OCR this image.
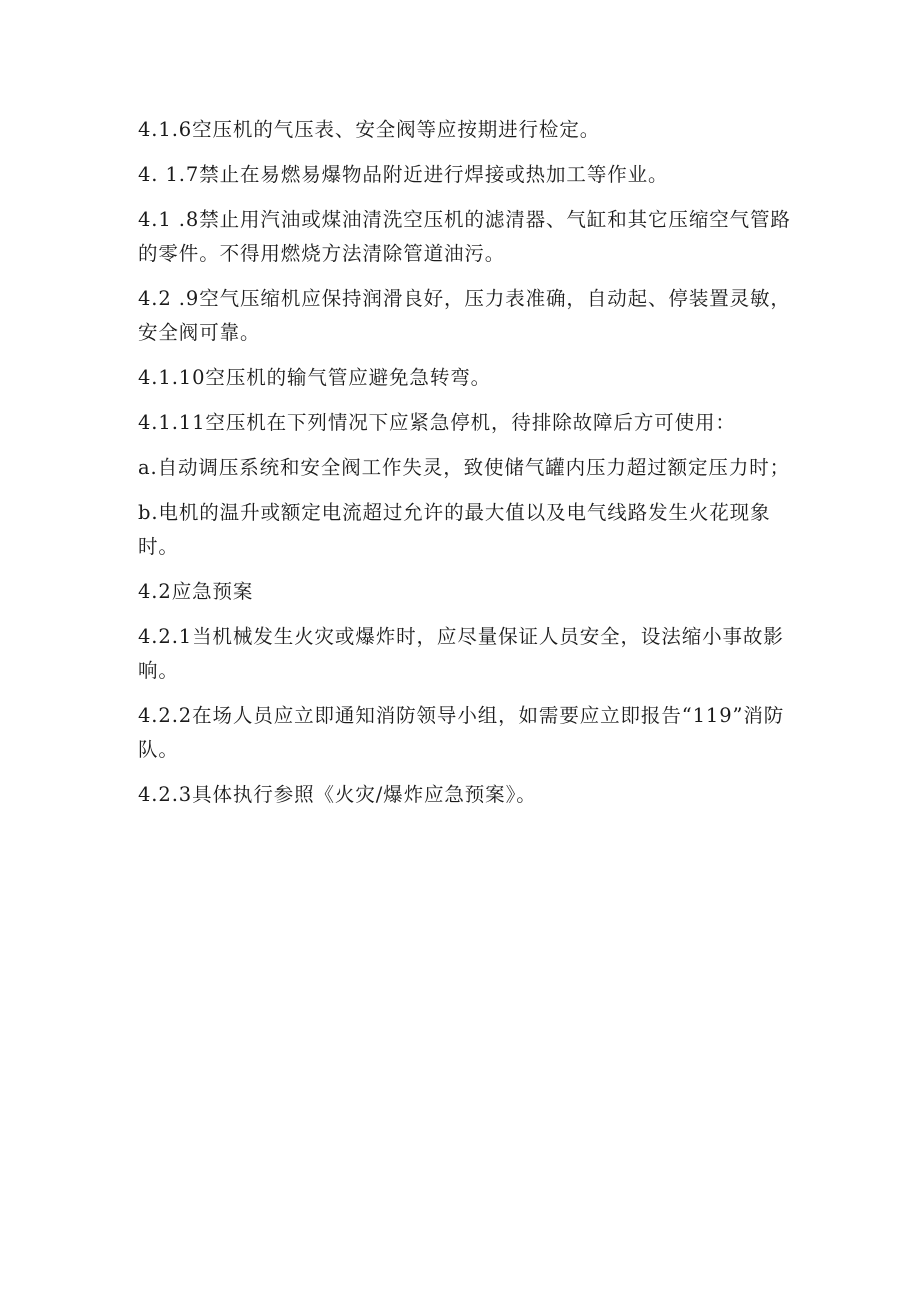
4.1.6空压机的气压表、安全阀等应按期进行检定。

4. 1.7禁止在易燃易爆物品附近进行焊接或热加工等作业。

4.1 .8禁止用汽油或煤油清洗空压机的滤清器、气缸和其它压缩空气管路的零件。不得用燃烧方法清除管道油污。

4.2 .9空气压缩机应保持润滑良好，压力表准确，自动起、停装置灵敏，安全阀可靠。

4.1.10空压机的输气管应避免急转弯。

4.1.11空压机在下列情况下应紧急停机，待排除故障后方可使用：

a.自动调压系统和安全阀工作失灵，致使储气罐内压力超过额定压力时；

b.电机的温升或额定电流超过允许的最大值以及电气线路发生火花现象时。

4.2应急预案

4.2.1当机械发生火灾或爆炸时，应尽量保证人员安全，设法缩小事故影响。

4.2.2在场人员应立即通知消防领导小组，如需要应立即报告“119”消防队。

4.2.3具体执行参照《火灾/爆炸应急预案》。
